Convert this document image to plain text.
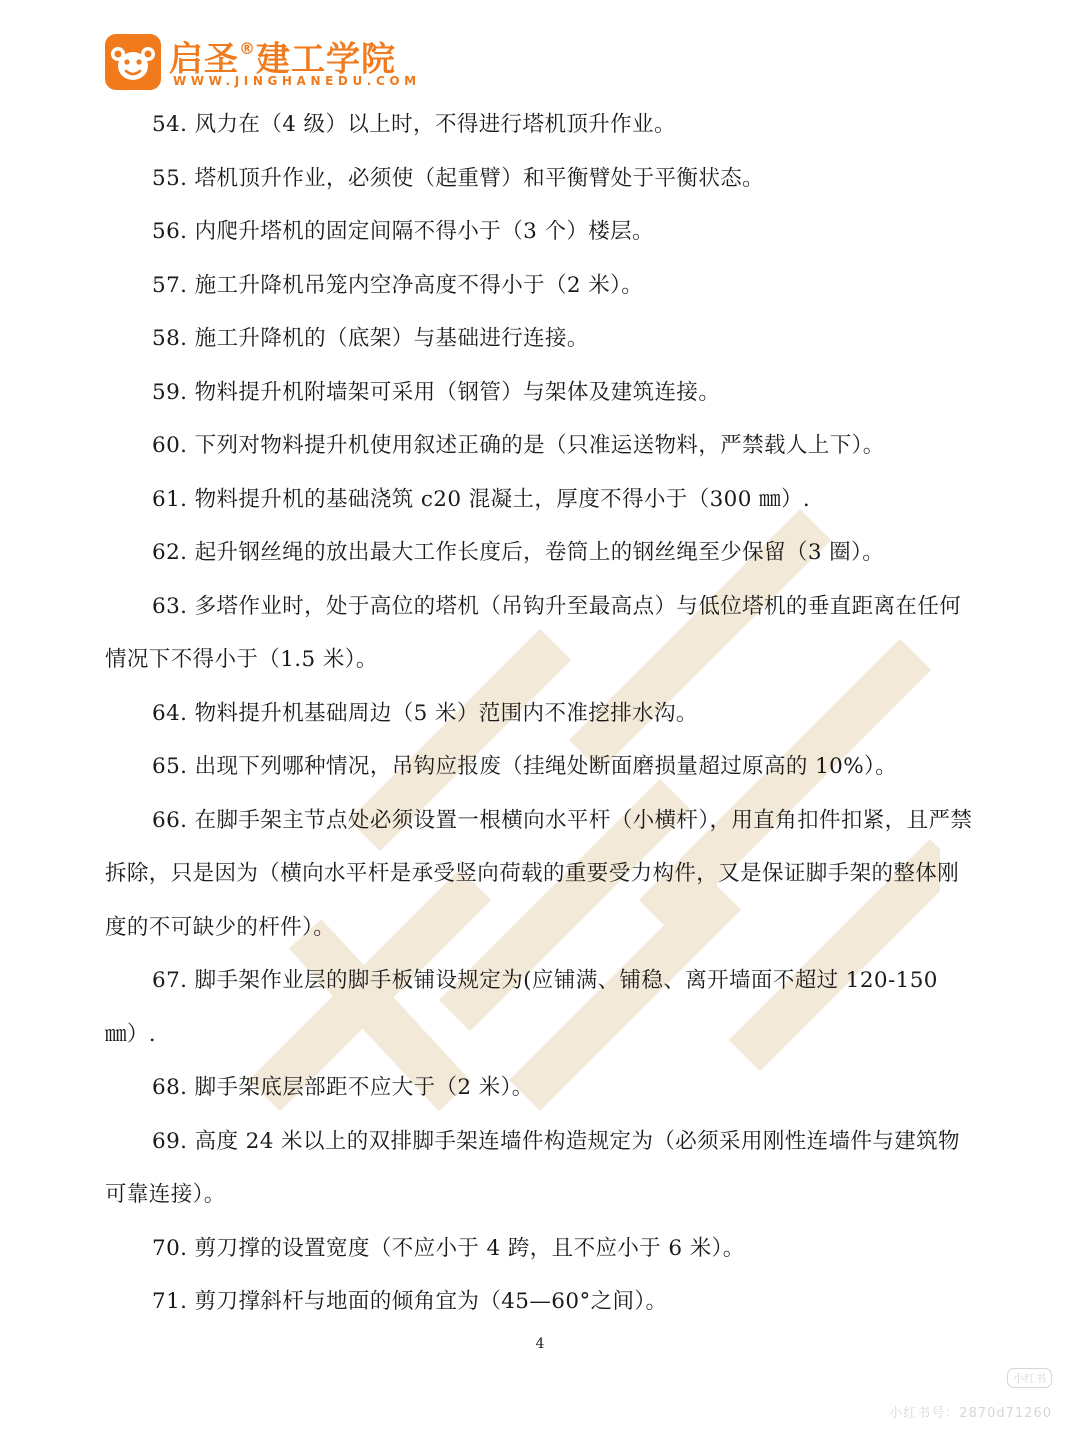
启圣®建工学院
WWW.JINGHANEDU.COM

54. 风力在（4 级）以上时，不得进行塔机顶升作业。

55. 塔机顶升作业，必须使（起重臂）和平衡臂处于平衡状态。

56. 内爬升塔机的固定间隔不得小于（3 个）楼层。

57. 施工升降机吊笼内空净高度不得小于（2 米）。

58. 施工升降机的（底架）与基础进行连接。

59. 物料提升机附墙架可采用（钢管）与架体及建筑连接。

60. 下列对物料提升机使用叙述正确的是（只准运送物料，严禁载人上下）。

61. 物料提升机的基础浇筑 c20 混凝土，厚度不得小于（300 ㎜）.

62. 起升钢丝绳的放出最大工作长度后，卷筒上的钢丝绳至少保留（3 圈）。

63. 多塔作业时，处于高位的塔机（吊钩升至最高点）与低位塔机的垂直距离在任何情况下不得小于（1.5 米）。

64. 物料提升机基础周边（5 米）范围内不准挖排水沟。

65. 出现下列哪种情况，吊钩应报废（挂绳处断面磨损量超过原高的 10%）。

66. 在脚手架主节点处必须设置一根横向水平杆（小横杆），用直角扣件扣紧，且严禁拆除，只是因为（横向水平杆是承受竖向荷载的重要受力构件，又是保证脚手架的整体刚度的不可缺少的杆件）。

67. 脚手架作业层的脚手板铺设规定为(应铺满、铺稳、离开墙面不超过 120-150 ㎜）.

68. 脚手架底层部距不应大于（2 米）。

69. 高度 24 米以上的双排脚手架连墙件构造规定为（必须采用刚性连墙件与建筑物可靠连接）。

70. 剪刀撑的设置宽度（不应小于 4 跨，且不应小于 6 米）。

71. 剪刀撑斜杆与地面的倾角宜为（45—60°之间）。

4
小红书
小红书号：2870d71260
